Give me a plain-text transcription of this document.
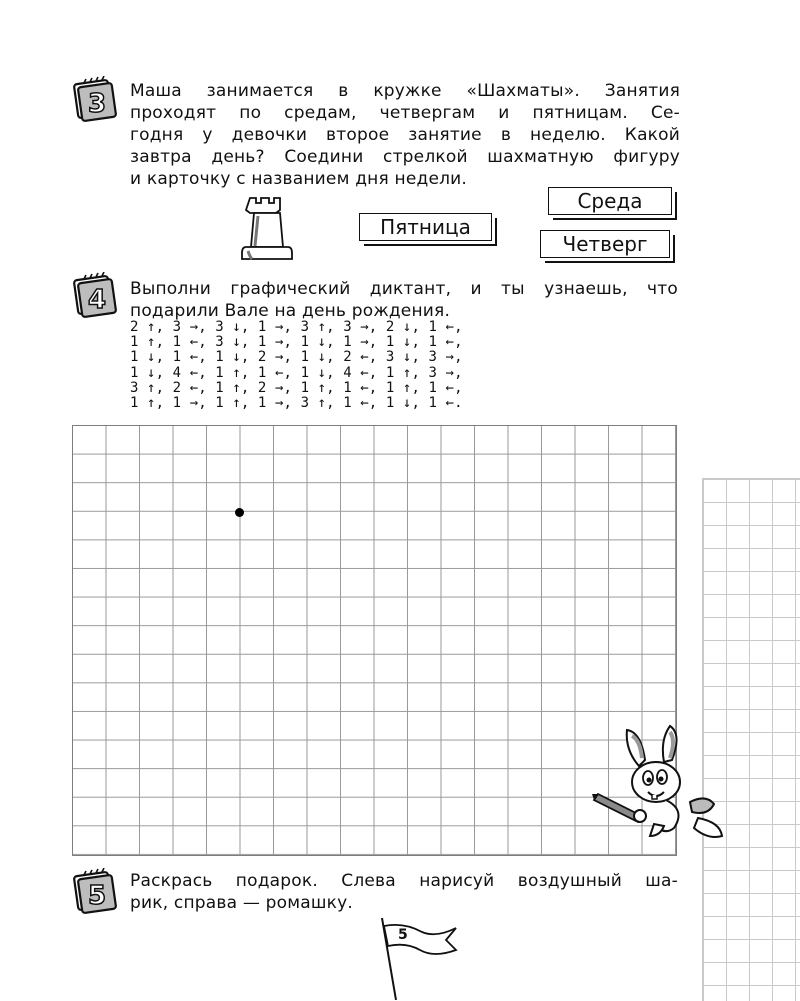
3 Маша занимается в кружке «Шахматы». Занятия
проходят по средам, четвергам и пятницам. Се-
годня у девочки второе занятие в неделю. Какой
завтра день? Соедини стрелкой шахматную фигуру
и карточку с названием дня недели.
Пятница
Среда
Четверг
4 Выполни графический диктант, и ты узнаешь, что
подарили Вале на день рождения.
2 ↑, 3 →, 3 ↓, 1 →, 3 ↑, 3 →, 2 ↓, 1 ←,
1 ↑, 1 ←, 3 ↓, 1 →, 1 ↓, 1 →, 1 ↓, 1 ←,
1 ↓, 1 ←, 1 ↓, 2 →, 1 ↓, 2 ←, 3 ↓, 3 →,
1 ↓, 4 ←, 1 ↑, 1 ←, 1 ↓, 4 ←, 1 ↑, 3 →,
3 ↑, 2 ←, 1 ↑, 2 →, 1 ↑, 1 ←, 1 ↑, 1 ←,
1 ↑, 1 →, 1 ↑, 1 →, 3 ↑, 1 ←, 1 ↓, 1 ←.
5 Раскрась подарок. Слева нарисуй воздушный ша-
рик, справа — ромашку.
5
